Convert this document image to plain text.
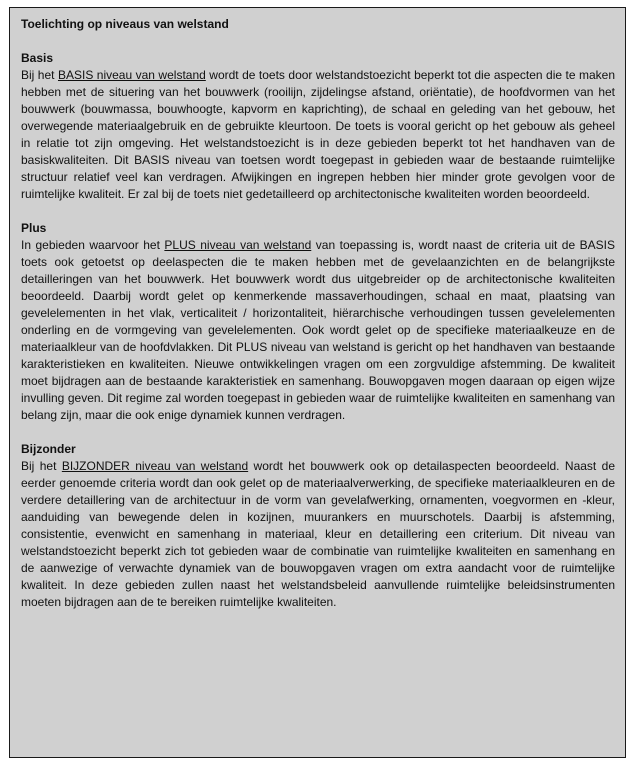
Toelichting op niveaus van welstand

Basis

Bij het BASIS niveau van welstand wordt de toets door welstandstoezicht beperkt tot die aspecten die te maken hebben met de situering van het bouwwerk (rooilijn, zijdelingse afstand, oriëntatie), de hoofdvormen van het bouwwerk (bouwmassa, bouwhoogte, kapvorm en kaprichting), de schaal en geleding van het gebouw, het overwegende materiaalgebruik en de gebruikte kleurtoon. De toets is vooral gericht op het gebouw als geheel in relatie tot zijn omgeving. Het welstandstoezicht is in deze gebieden beperkt tot het handhaven van de basiskwaliteiten. Dit BASIS niveau van toetsen wordt toegepast in gebieden waar de bestaande ruimtelijke structuur relatief veel kan verdragen. Afwijkingen en ingrepen hebben hier minder grote gevolgen voor de ruimtelijke kwaliteit. Er zal bij de toets niet gedetailleerd op architectonische kwaliteiten worden beoordeeld.

Plus

In gebieden waarvoor het PLUS niveau van welstand van toepassing is, wordt naast de criteria uit de BASIS toets ook getoetst op deelaspecten die te maken hebben met de gevelaanzichten en de belangrijkste detailleringen van het bouwwerk. Het bouwwerk wordt dus uitgebreider op de architectonische kwaliteiten beoordeeld. Daarbij wordt gelet op kenmerkende massaverhoudingen, schaal en maat, plaatsing van gevelelementen in het vlak, verticaliteit / horizontaliteit, hiërarchische verhoudingen tussen gevelelementen onderling en de vormgeving van gevelelementen. Ook wordt gelet op de specifieke materiaalkeuze en de materiaalkleur van de hoofdvlakken. Dit PLUS niveau van welstand is gericht op het handhaven van bestaande karakteristieken en kwaliteiten. Nieuwe ontwikkelingen vragen om een zorgvuldige afstemming. De kwaliteit moet bijdragen aan de bestaande karakteristiek en samenhang. Bouwopgaven mogen daaraan op eigen wijze invulling geven. Dit regime zal worden toegepast in gebieden waar de ruimtelijke kwaliteiten en samenhang van belang zijn, maar die ook enige dynamiek kunnen verdragen.

Bijzonder

Bij het BIJZONDER niveau van welstand wordt het bouwwerk ook op detailaspecten beoordeeld. Naast de eerder genoemde criteria wordt dan ook gelet op de materiaalverwerking, de specifieke materiaalkleuren en de verdere detaillering van de architectuur in de vorm van gevelafwerking, ornamenten, voegvormen en -kleur, aanduiding van bewegende delen in kozijnen, muurankers en muurschotels. Daarbij is afstemming, consistentie, evenwicht en samenhang in materiaal, kleur en detaillering een criterium. Dit niveau van welstandstoezicht beperkt zich tot gebieden waar de combinatie van ruimtelijke kwaliteiten en samenhang en de aanwezige of verwachte dynamiek van de bouwopgaven vragen om extra aandacht voor de ruimtelijke kwaliteit. In deze gebieden zullen naast het welstandsbeleid aanvullende ruimtelijke beleidsinstrumenten moeten bijdragen aan de te bereiken ruimtelijke kwaliteiten.
